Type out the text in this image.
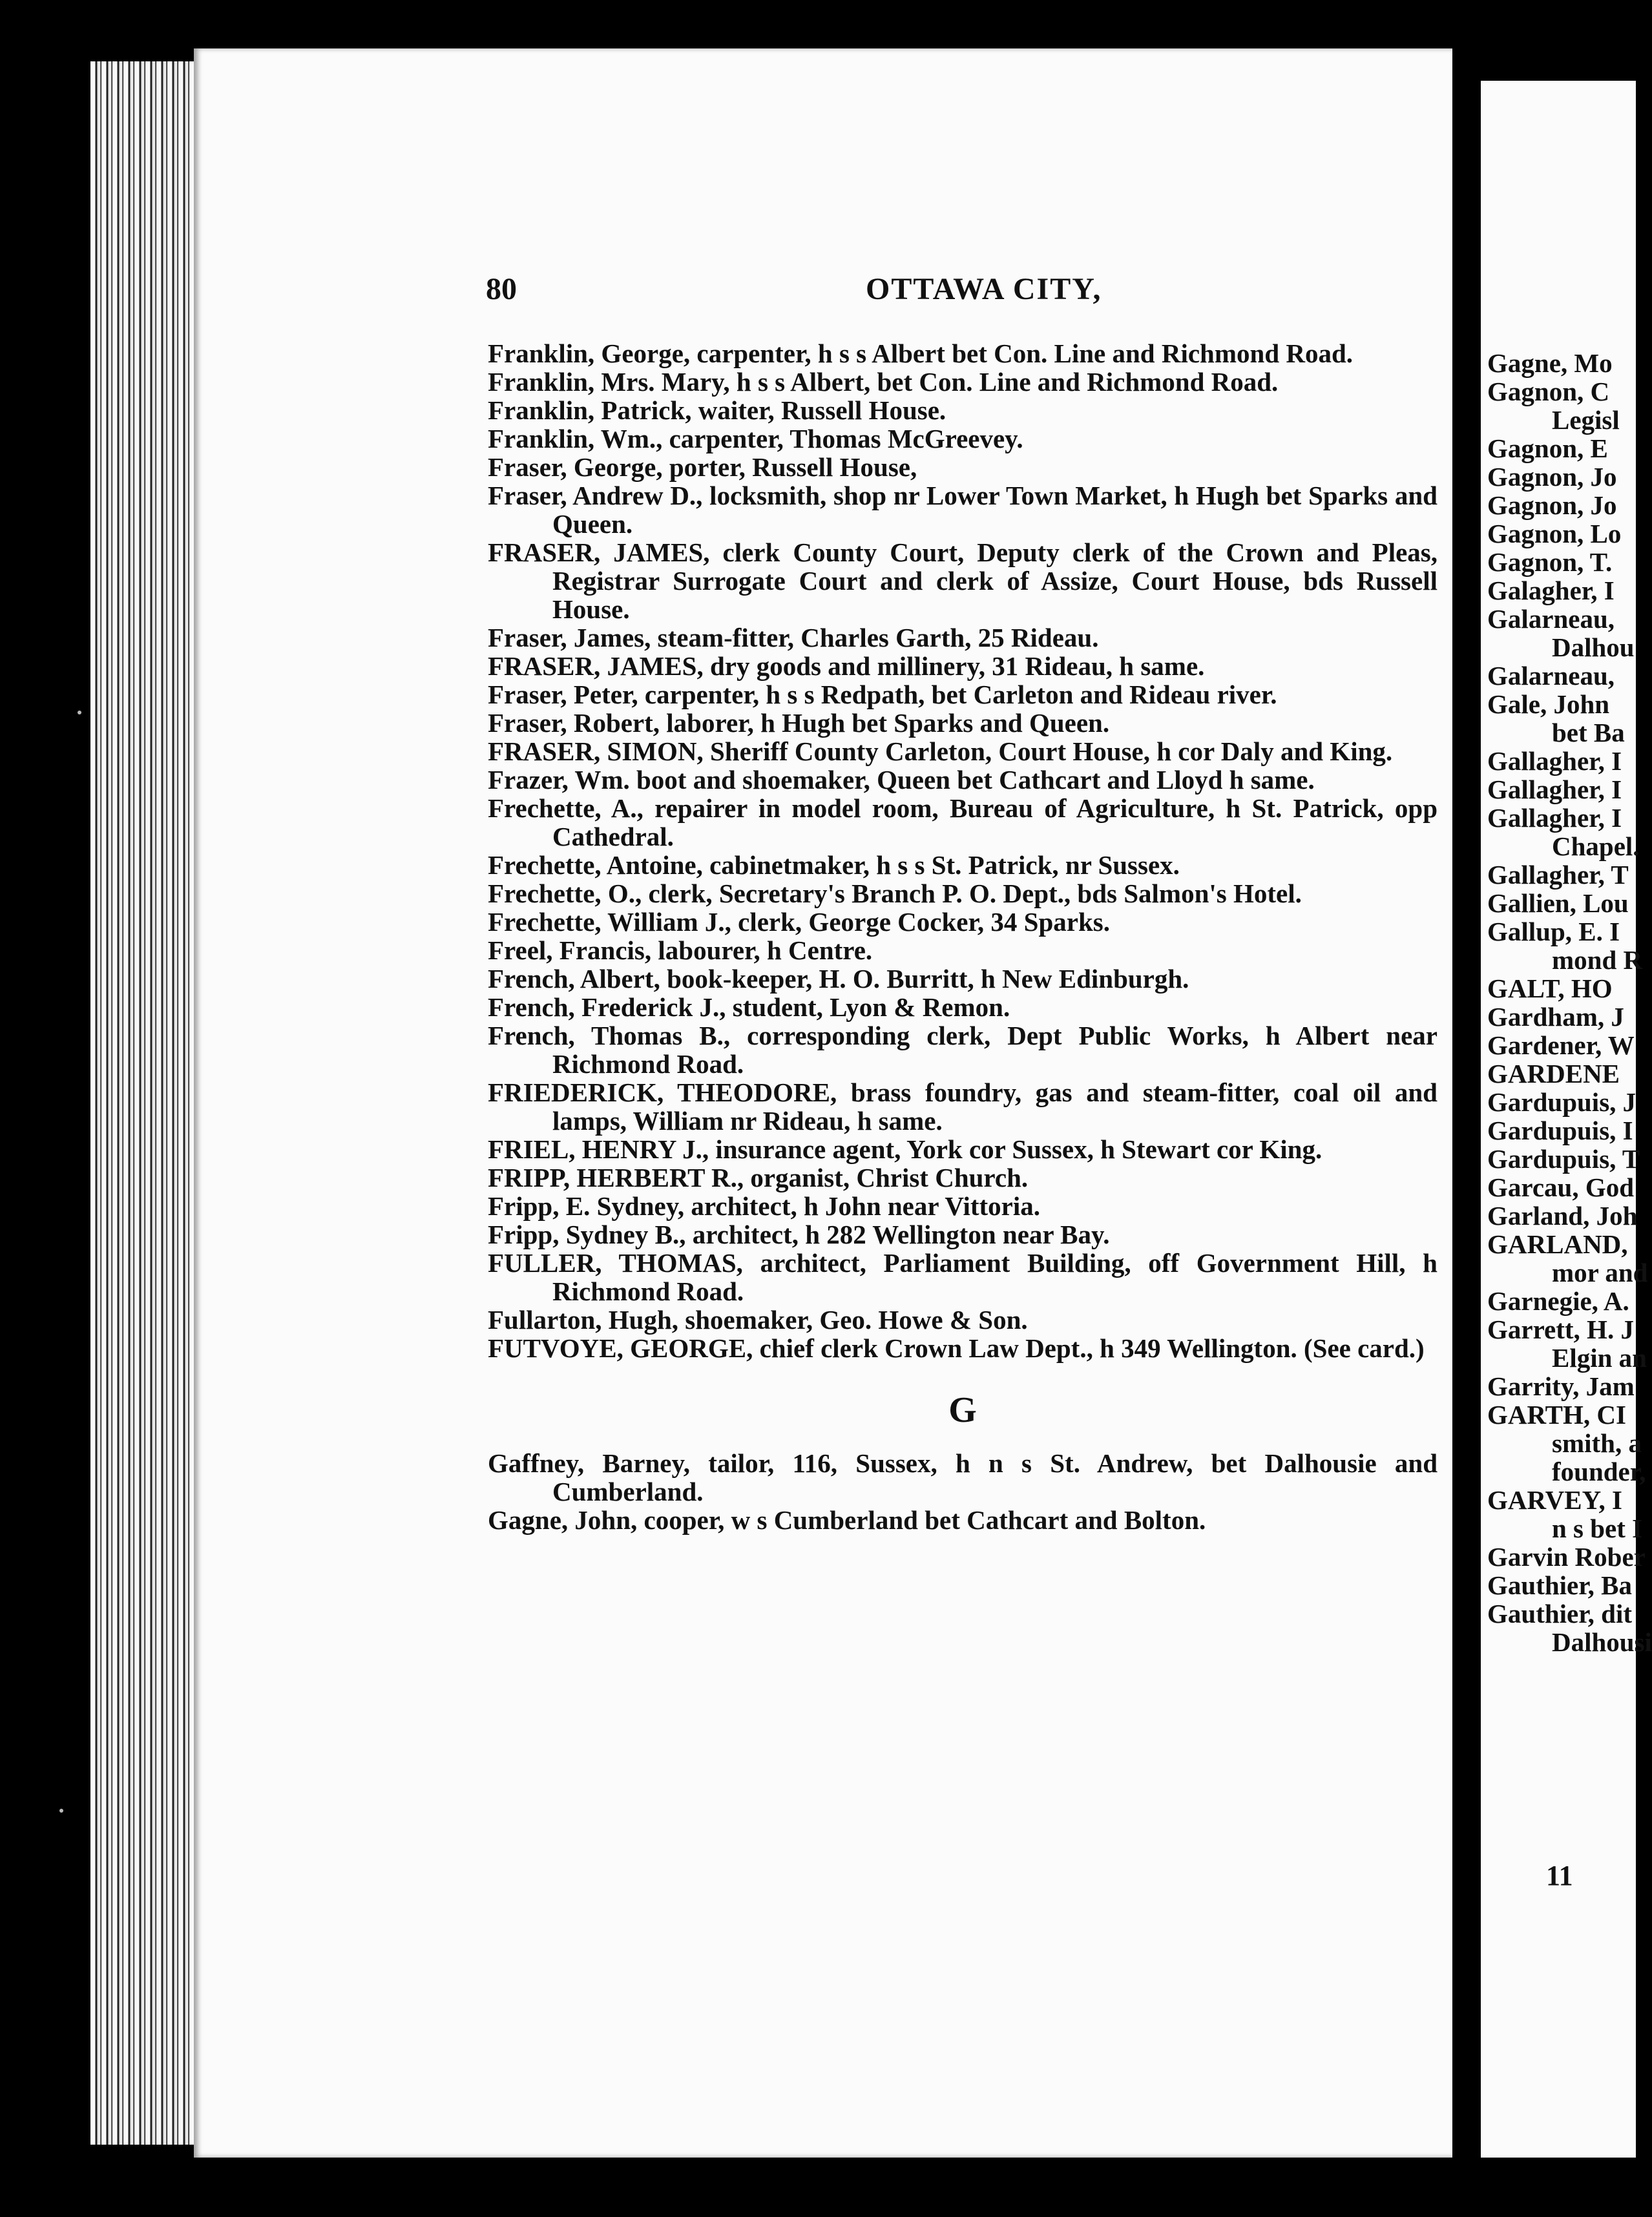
80	OTTAWA CITY,
Franklin, George, carpenter, h s s Albert bet Con. Line and Richmond Road.
Franklin, Mrs. Mary, h s s Albert, bet Con. Line and Richmond Road.
Franklin, Patrick, waiter, Russell House.
Franklin, Wm., carpenter, Thomas McGreevey.
Fraser, George, porter, Russell House,
Fraser, Andrew D., locksmith, shop nr Lower Town Market, h Hugh bet Sparks and Queen.
FRASER, JAMES, clerk County Court, Deputy clerk of the Crown and Pleas, Registrar Surrogate Court and clerk of Assize, Court House, bds Russell House.
Fraser, James, steam-fitter, Charles Garth, 25 Rideau.
FRASER, JAMES, dry goods and millinery, 31 Rideau, h same.
Fraser, Peter, carpenter, h s s Redpath, bet Carleton and Rideau river.
Fraser, Robert, laborer, h Hugh bet Sparks and Queen.
FRASER, SIMON, Sheriff County Carleton, Court House, h cor Daly and King.
Frazer, Wm. boot and shoemaker, Queen bet Cathcart and Lloyd h same.
Frechette, A., repairer in model room, Bureau of Agriculture, h St. Patrick, opp Cathedral.
Frechette, Antoine, cabinetmaker, h s s St. Patrick, nr Sussex.
Frechette, O., clerk, Secretary's Branch P. O. Dept., bds Salmon's Hotel.
Frechette, William J., clerk, George Cocker, 34 Sparks.
Freel, Francis, labourer, h Centre.
French, Albert, book-keeper, H. O. Burritt, h New Edinburgh.
French, Frederick J., student, Lyon & Remon.
French, Thomas B., corresponding clerk, Dept Public Works, h Albert near Richmond Road.
FRIEDERICK, THEODORE, brass foundry, gas and steam-fitter, coal oil and lamps, William nr Rideau, h same.
FRIEL, HENRY J., insurance agent, York cor Sussex, h Stewart cor King.
FRIPP, HERBERT R., organist, Christ Church.
Fripp, E. Sydney, architect, h John near Vittoria.
Fripp, Sydney B., architect, h 282 Wellington near Bay.
FULLER, THOMAS, architect, Parliament Building, off Government Hill, h Richmond Road.
Fullarton, Hugh, shoemaker, Geo. Howe & Son.
FUTVOYE, GEORGE, chief clerk Crown Law Dept., h 349 Wellington. (See card.)
G
Gaffney, Barney, tailor, 116, Sussex, h n s St. Andrew, bet Dalhousie and Cumberland.
Gagne, John, cooper, w s Cumberland bet Cathcart and Bolton.
Gagne, Mo
Gagnon, C
Legisl
Gagnon, E
Gagnon, Jo
Gagnon, Jo
Gagnon, Lo
Gagnon, T.
Galagher, I
Galarneau,
Dalhou
Galarneau,
Gale, John
bet Ba
Gallagher, I
Gallagher, I
Gallagher, I
Chapel.
Gallagher, T
Gallien, Lou
Gallup, E. I
mond R
GALT, HO
Gardham, J
Gardener, W
GARDENE
Gardupuis, J
Gardupuis, I
Gardupuis, T
Garcau, God
Garland, Joh
GARLAND,
mor and
Garnegie, A.
Garrett, H. J
Elgin an
Garrity, Jam
GARTH, CI
smith, a
founder,
GARVEY, I
n s bet I
Garvin Rober
Gauthier, Ba
Gauthier, dit
Dalhousi
11
